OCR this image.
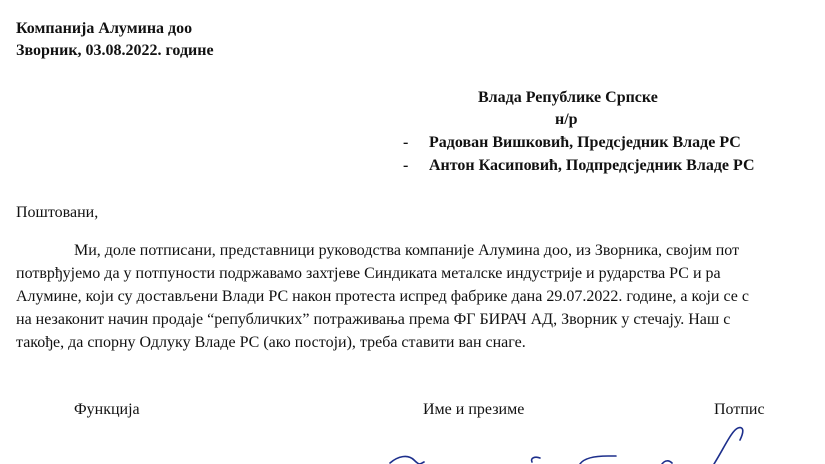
Компанија Алумина доо
Зворник, 03.08.2022. године
Влада Републике Српске
н/р
- Радован Вишковић, Предсједник Владе РС
- Антон Касиповић, Подпредсједник Владе РС
Поштовани,
Ми, доле потписани, представници руководства компаније Алумина доо, из Зворника, својим пот
потврђујемо да у потпуности подржавамо захтјеве Синдиката металске индустрије и рударства РС и ра
Алумине, који су достављени Влади РС након протеста испред фабрике дана 29.07.2022. године, а који се с
на незаконит начин продаје “републичких” потраживања према ФГ БИРАЧ АД, Зворник у стечају. Наш с
такође, да спорну Одлуку Владе РС (ако постоји), треба ставити ван снаге.
Функција	Име и презиме	Потпис
